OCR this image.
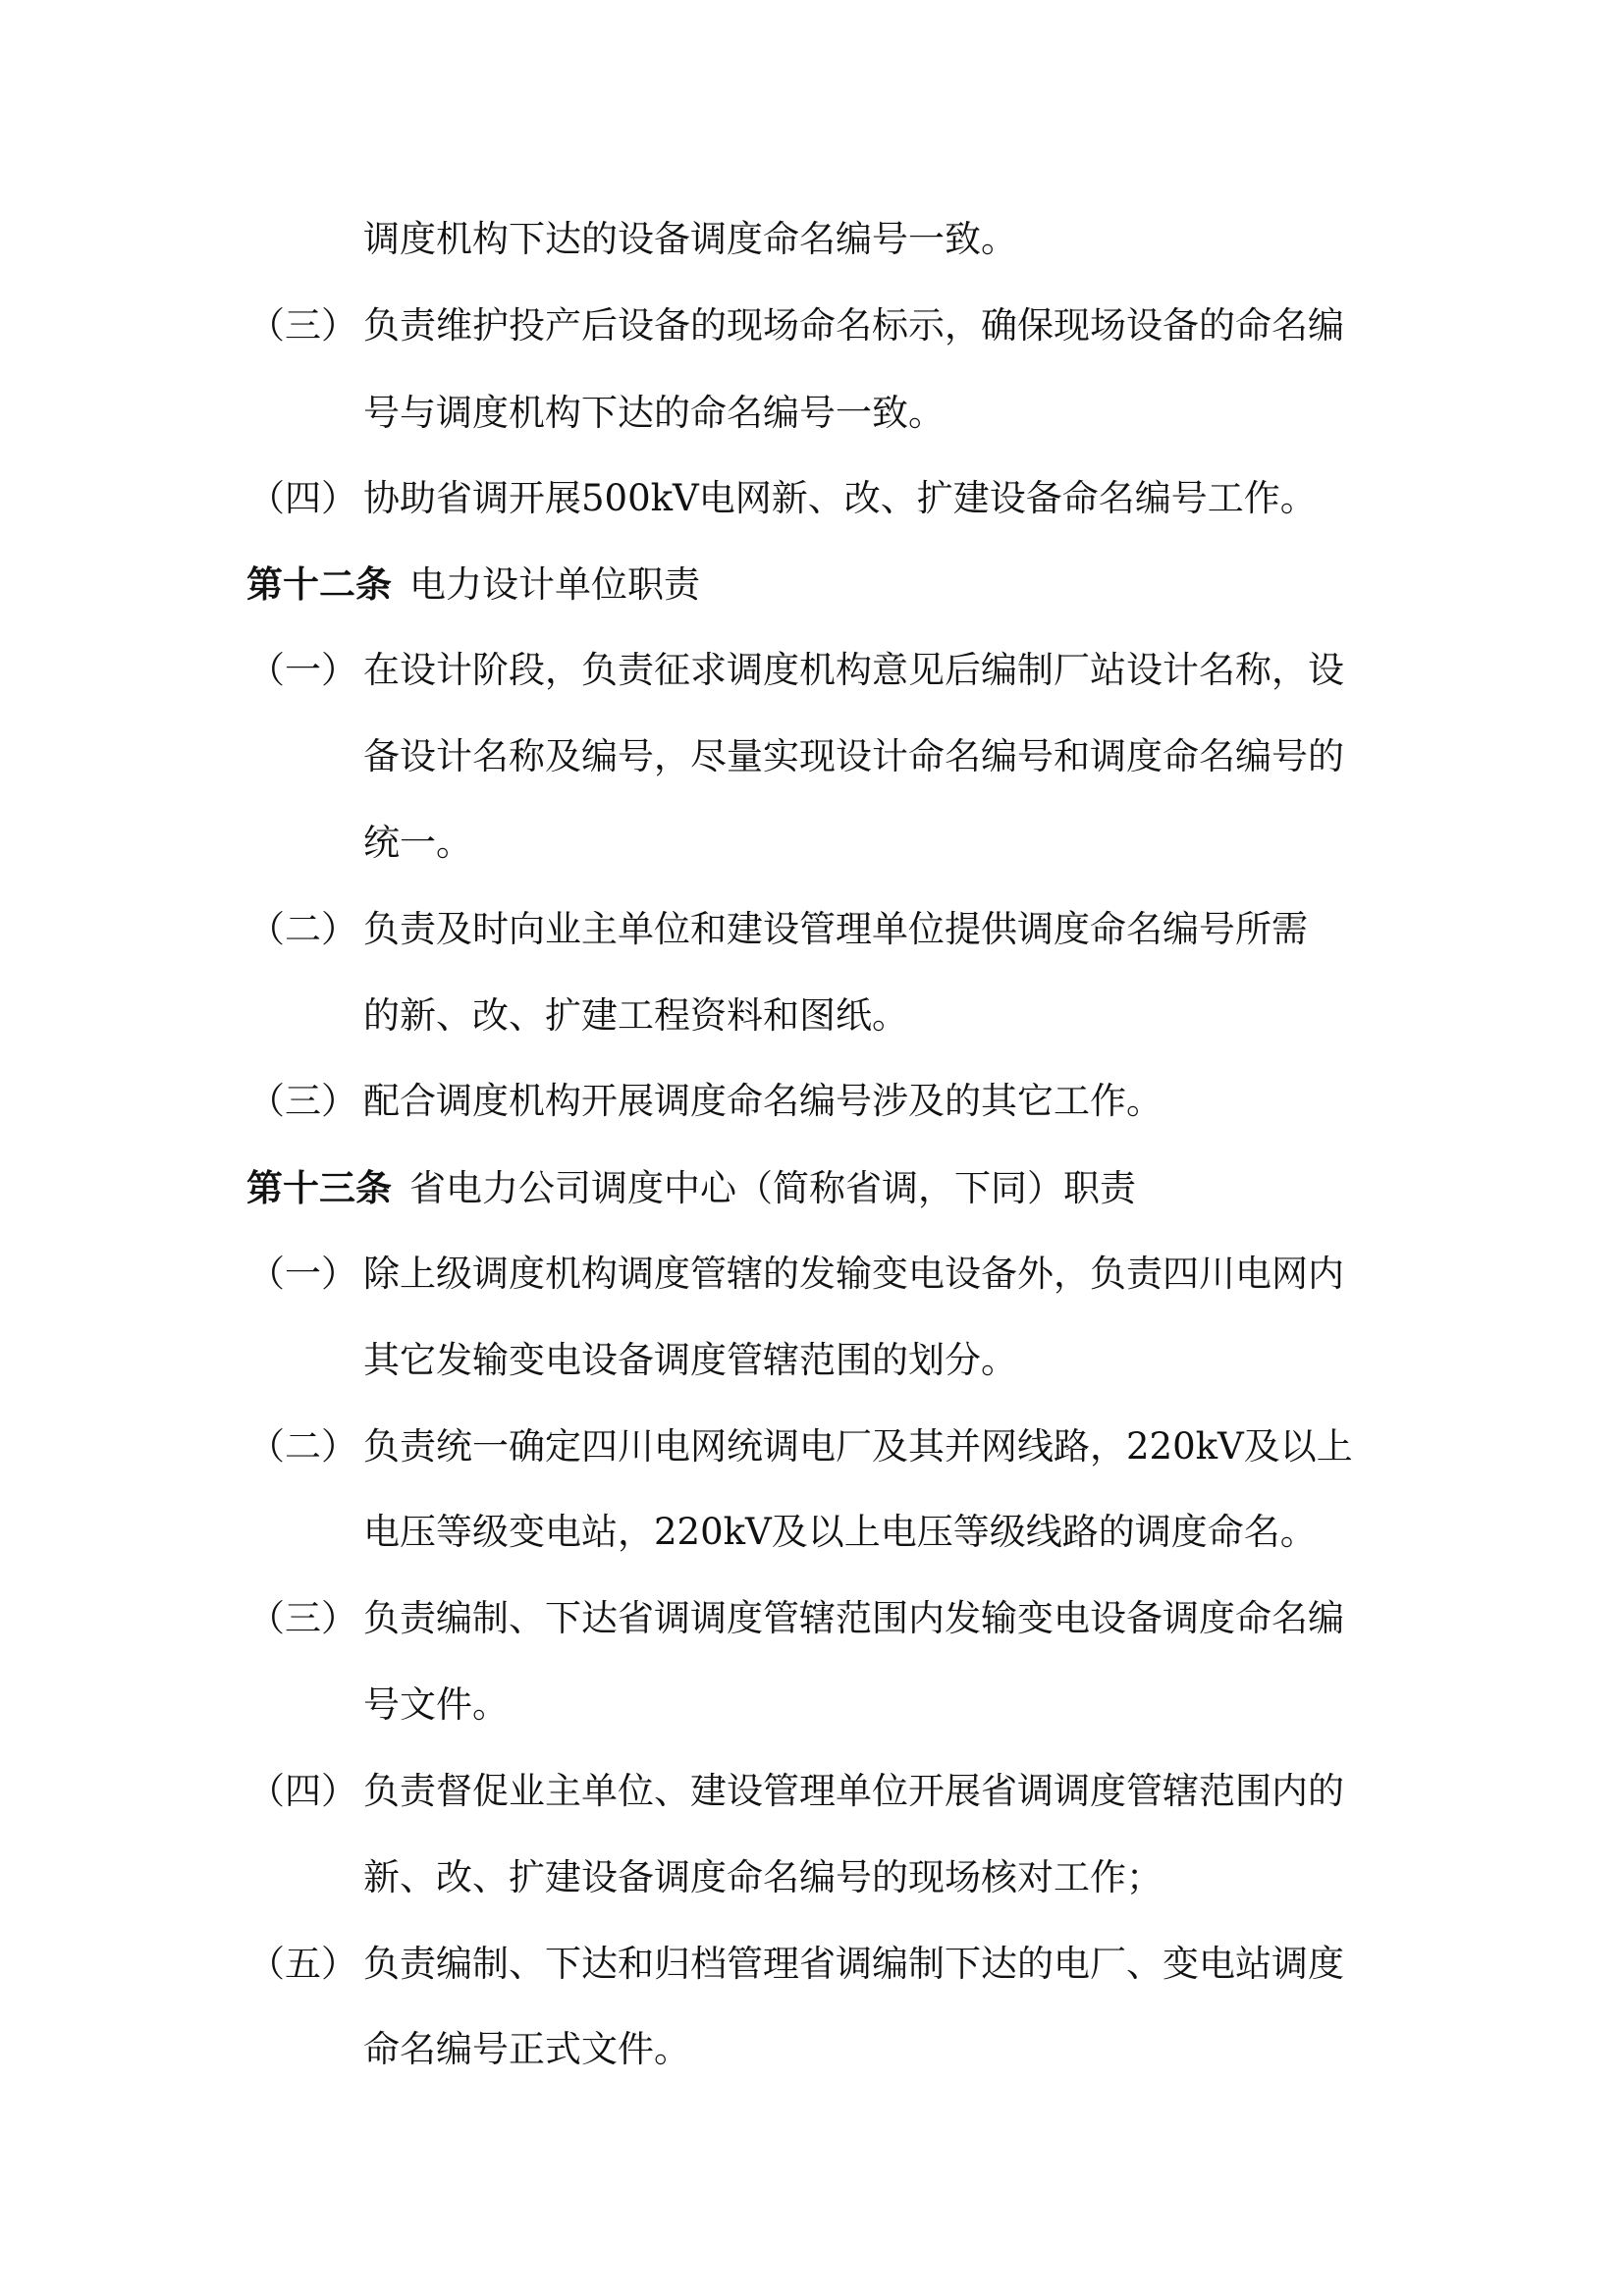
调度机构下达的设备调度命名编号一致。
（三） 负责维护投产后设备的现场命名标示，确保现场设备的命名编
号与调度机构下达的命名编号一致。
（四） 协助省调开展500kV电网新、改、扩建设备命名编号工作。
第十二条 电力设计单位职责
（一） 在设计阶段，负责征求调度机构意见后编制厂站设计名称，设
备设计名称及编号，尽量实现设计命名编号和调度命名编号的
统一。
（二） 负责及时向业主单位和建设管理单位提供调度命名编号所需
的新、改、扩建工程资料和图纸。
（三） 配合调度机构开展调度命名编号涉及的其它工作。
第十三条 省电力公司调度中心（简称省调，下同）职责
（一） 除上级调度机构调度管辖的发输变电设备外，负责四川电网内
其它发输变电设备调度管辖范围的划分。
（二） 负责统一确定四川电网统调电厂及其并网线路，220kV及以上
电压等级变电站，220kV及以上电压等级线路的调度命名。
（三） 负责编制、下达省调调度管辖范围内发输变电设备调度命名编
号文件。
（四） 负责督促业主单位、建设管理单位开展省调调度管辖范围内的
新、改、扩建设备调度命名编号的现场核对工作；
（五） 负责编制、下达和归档管理省调编制下达的电厂、变电站调度
命名编号正式文件。
